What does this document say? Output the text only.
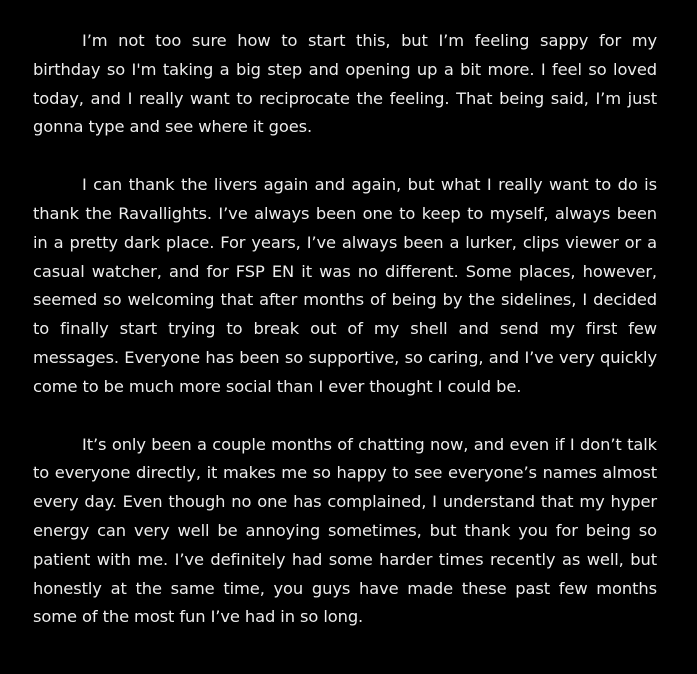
I’m not too sure how to start this, but I’m feeling sappy for my birthday so I'm taking a big step and opening up a bit more. I feel so loved today, and I really want to reciprocate the feeling. That being said, I’m just gonna type and see where it goes.

I can thank the livers again and again, but what I really want to do is thank the Ravallights. I’ve always been one to keep to myself, always been in a pretty dark place. For years, I’ve always been a lurker, clips viewer or a casual watcher, and for FSP EN it was no different. Some places, however, seemed so welcoming that after months of being by the sidelines, I decided to finally start trying to break out of my shell and send my first few messages. Everyone has been so supportive, so caring, and I’ve very quickly come to be much more social than I ever thought I could be.

It’s only been a couple months of chatting now, and even if I don’t talk to everyone directly, it makes me so happy to see everyone’s names almost every day. Even though no one has complained, I understand that my hyper energy can very well be annoying sometimes, but thank you for being so patient with me. I’ve definitely had some harder times recently as well, but honestly at the same time, you guys have made these past few months some of the most fun I’ve had in so long.
